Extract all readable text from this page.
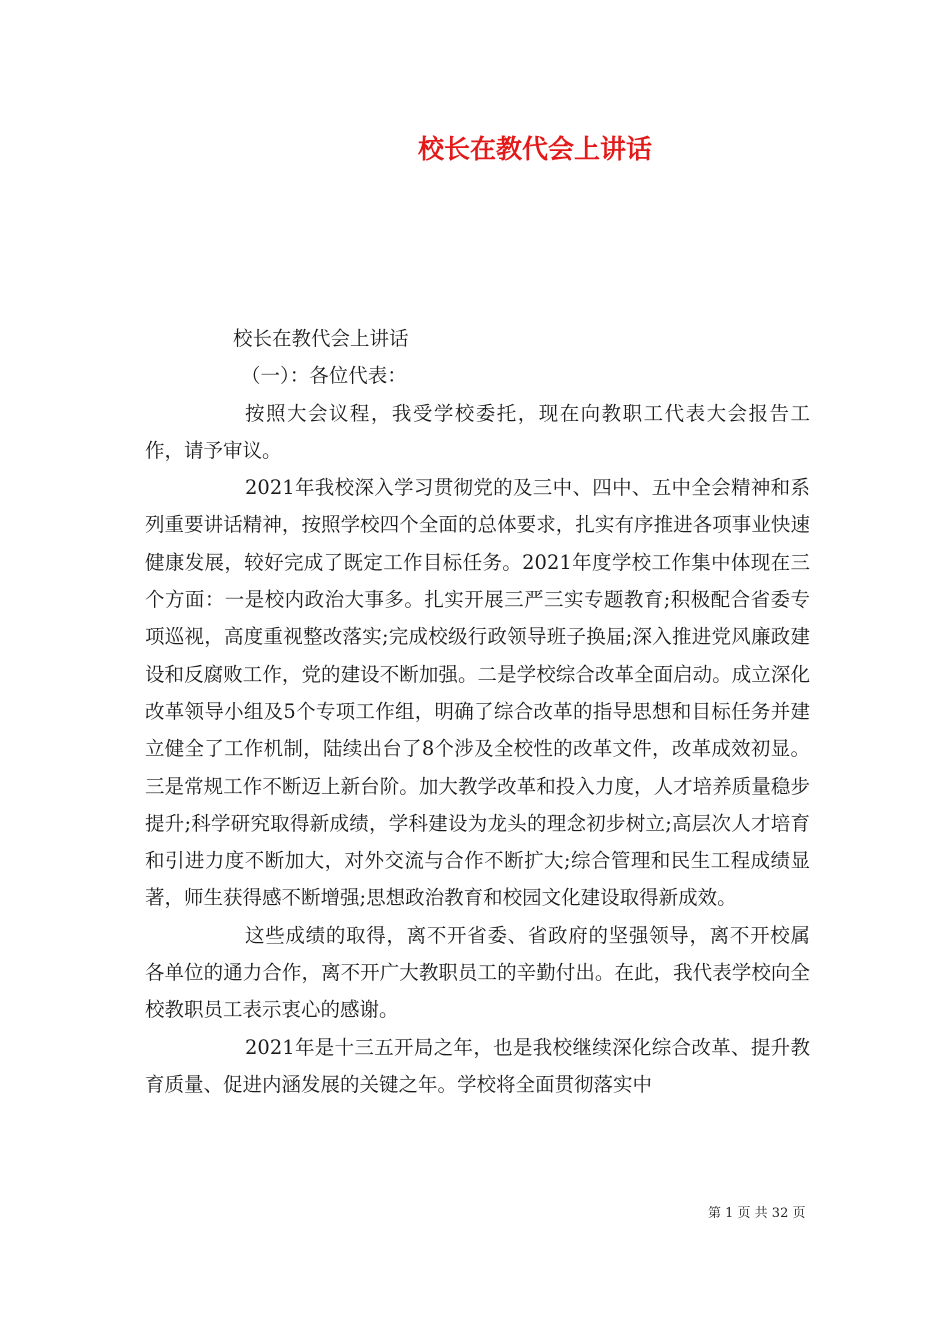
校长在教代会上讲话

校长在教代会上讲话

（一）：各位代表：

按照大会议程，我受学校委托，现在向教职工代表大会报告工作，请予审议。

2021年我校深入学习贯彻党的及三中、四中、五中全会精神和系列重要讲话精神，按照学校四个全面的总体要求，扎实有序推进各项事业快速健康发展，较好完成了既定工作目标任务。2021年度学校工作集中体现在三个方面：一是校内政治大事多。扎实开展三严三实专题教育;积极配合省委专项巡视，高度重视整改落实;完成校级行政领导班子换届;深入推进党风廉政建设和反腐败工作，党的建设不断加强。二是学校综合改革全面启动。成立深化改革领导小组及5个专项工作组，明确了综合改革的指导思想和目标任务并建立健全了工作机制，陆续出台了8个涉及全校性的改革文件，改革成效初显。三是常规工作不断迈上新台阶。加大教学改革和投入力度，人才培养质量稳步提升;科学研究取得新成绩，学科建设为龙头的理念初步树立;高层次人才培育和引进力度不断加大，对外交流与合作不断扩大;综合管理和民生工程成绩显著，师生获得感不断增强;思想政治教育和校园文化建设取得新成效。

这些成绩的取得，离不开省委、省政府的坚强领导，离不开校属各单位的通力合作，离不开广大教职员工的辛勤付出。在此，我代表学校向全校教职员工表示衷心的感谢。

2021年是十三五开局之年，也是我校继续深化综合改革、提升教育质量、促进内涵发展的关键之年。学校将全面贯彻落实中

第 1 页 共 32 页
